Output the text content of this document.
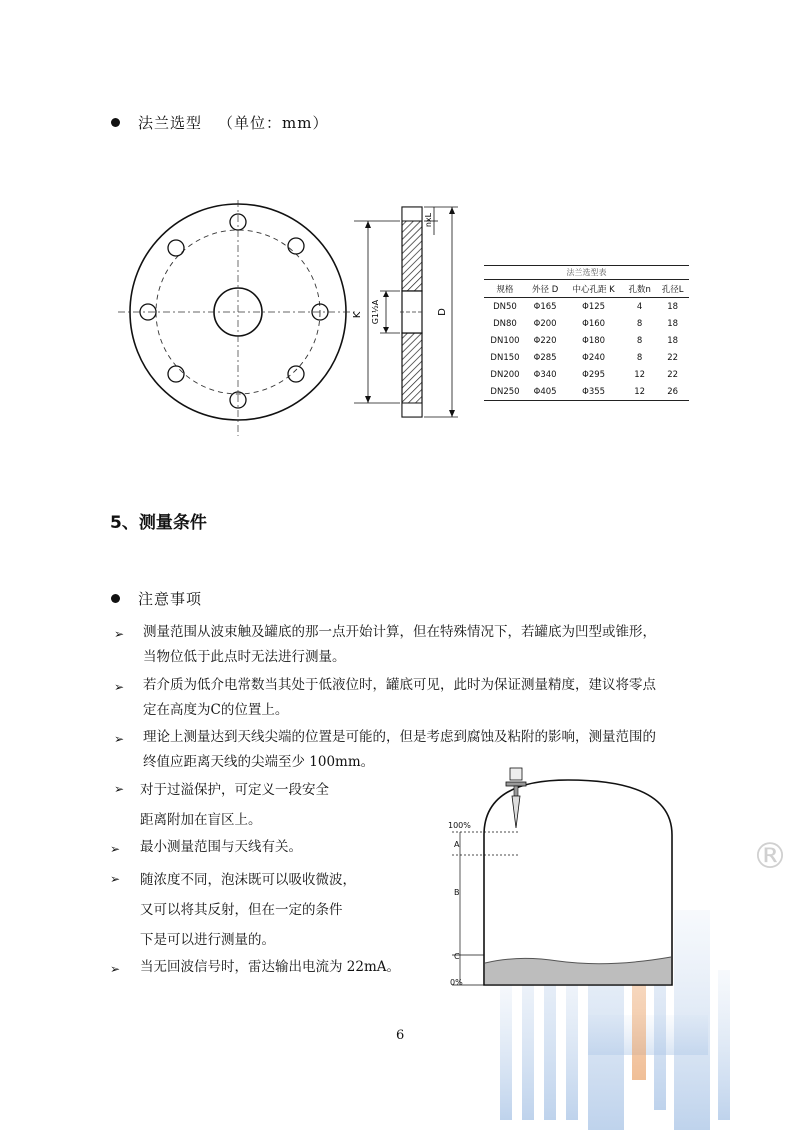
®
法兰选型 （单位：mm）
K G1½A	D
nxL
法兰选型表				
规格	外径 D	中心孔距 K	孔数n	孔径L
DN50	Φ165	Φ125	4	18
DN80	Φ200	Φ160	8	18
DN100	Φ220	Φ180	8	18
DN150	Φ285	Φ240	8	22
DN200	Φ340	Φ295	12	22
DN250	Φ405	Φ355	12	26
5、测量条件
注意事项
➢ 测量范围从波束触及罐底的那一点开始计算，但在特殊情况下，若罐底为凹型或锥形，
当物位低于此点时无法进行测量。
➢ 若介质为低介电常数当其处于低液位时，罐底可见，此时为保证测量精度，建议将零点
定在高度为C的位置上。
➢ 理论上测量达到天线尖端的位置是可能的，但是考虑到腐蚀及粘附的影响，测量范围的
终值应距离天线的尖端至少 100mm。
➢ 对于过溢保护，可定义一段安全
距离附加在盲区上。
➢ 最小测量范围与天线有关。
➢ 随浓度不同，泡沫既可以吸收微波，
又可以将其反射，但在一定的条件
下是可以进行测量的。
➢ 当无回波信号时，雷达输出电流为 22mA。
100%
A
B
C
0%
6
